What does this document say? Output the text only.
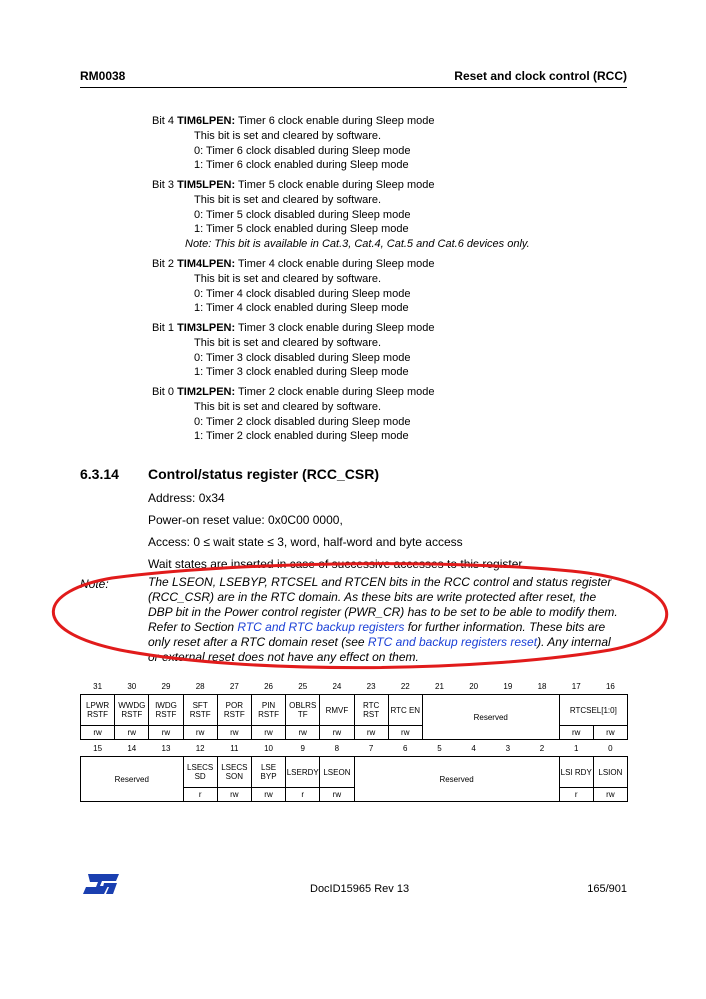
RM0038	Reset and clock control (RCC)
Bit 4 TIM6LPEN: Timer 6 clock enable during Sleep mode
This bit is set and cleared by software.
0: Timer 6 clock disabled during Sleep mode
1: Timer 6 clock enabled during Sleep mode
Bit 3 TIM5LPEN: Timer 5 clock enable during Sleep mode
This bit is set and cleared by software.
0: Timer 5 clock disabled during Sleep mode
1: Timer 5 clock enabled during Sleep mode
Note: This bit is available in Cat.3, Cat.4, Cat.5 and Cat.6 devices only.
Bit 2 TIM4LPEN: Timer 4 clock enable during Sleep mode
This bit is set and cleared by software.
0: Timer 4 clock disabled during Sleep mode
1: Timer 4 clock enabled during Sleep mode
Bit 1 TIM3LPEN: Timer 3 clock enable during Sleep mode
This bit is set and cleared by software.
0: Timer 3 clock disabled during Sleep mode
1: Timer 3 clock enabled during Sleep mode
Bit 0 TIM2LPEN: Timer 2 clock enable during Sleep mode
This bit is set and cleared by software.
0: Timer 2 clock disabled during Sleep mode
1: Timer 2 clock enabled during Sleep mode
6.3.14 Control/status register (RCC_CSR)
Address: 0x34
Power-on reset value: 0x0C00 0000,
Access: 0 ≤ wait state ≤ 3, word, half-word and byte access
Wait states are inserted in case of successive accesses to this register.
Note:	The LSEON, LSEBYP, RTCSEL and RTCEN bits in the RCC control and status register (RCC_CSR) are in the RTC domain. As these bits are write protected after reset, the DBP bit in the Power control register (PWR_CR) has to be set to be able to modify them. Refer to Section RTC and RTC backup registers for further information. These bits are only reset after a RTC domain reset (see RTC and backup registers reset). Any internal or external reset does not have any effect on them.
31	30	29	28	27	26	25	24	23	22	21	20	19	18	17	16
LPWR RSTF	WWDG RSTF	IWDG RSTF	SFT RSTF	POR RSTF	PIN RSTF	OBLRS TF	RMVF	RTC RST	RTC EN	Reserved				RTCSEL[1:0]	
rw	rw	rw	rw	rw	rw	rw	rw	rw	rw					rw	rw
15	14	13	12	11	10	9	8	7	6	5	4	3	2	1	0
Reserved			LSECS SD	LSECS SON	LSE BYP	LSERDY	LSEON	Reserved						LSI RDY	LSION
			r	rw	rw	r	rw							r	rw
DocID15965 Rev 13	165/901
